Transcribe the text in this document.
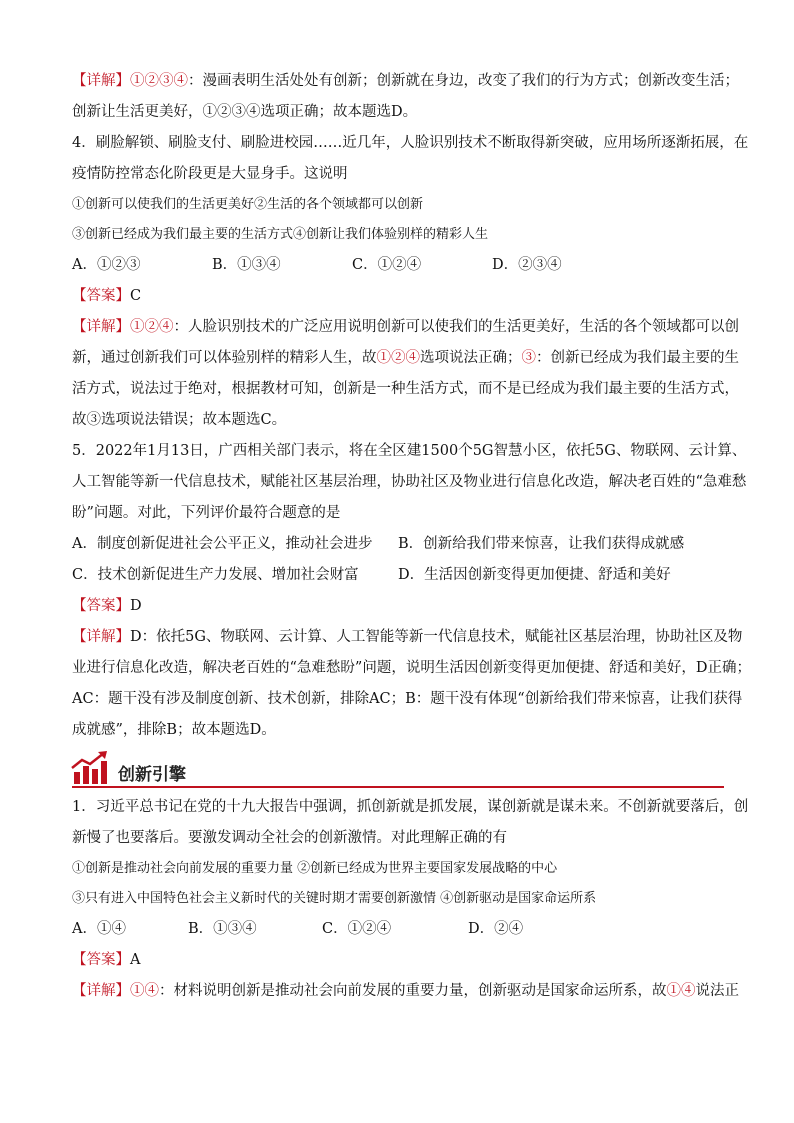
【详解】①②③④：漫画表明生活处处有创新；创新就在身边，改变了我们的行为方式；创新改变生活；
创新让生活更美好，①②③④选项正确；故本题选D。
4．刷脸解锁、刷脸支付、刷脸进校园……近几年，人脸识别技术不断取得新突破，应用场所逐渐拓展，在
疫情防控常态化阶段更是大显身手。这说明
①创新可以使我们的生活更美好②生活的各个领域都可以创新
③创新已经成为我们最主要的生活方式④创新让我们体验别样的精彩人生
A．①②③	B．①③④	C．①②④	D．②③④
【答案】C
【详解】①②④：人脸识别技术的广泛应用说明创新可以使我们的生活更美好，生活的各个领域都可以创
新，通过创新我们可以体验别样的精彩人生，故①②④选项说法正确；③：创新已经成为我们最主要的生
活方式，说法过于绝对，根据教材可知，创新是一种生活方式，而不是已经成为我们最主要的生活方式，
故③选项说法错误；故本题选C。
5．2022年1月13日，广西相关部门表示，将在全区建1500个5G智慧小区，依托5G、物联网、云计算、
人工智能等新一代信息技术，赋能社区基层治理，协助社区及物业进行信息化改造，解决老百姓的“急难愁
盼”问题。对此，下列评价最符合题意的是
A．制度创新促进社会公平正义，推动社会进步	B．创新给我们带来惊喜，让我们获得成就感
C．技术创新促进生产力发展、增加社会财富	D．生活因创新变得更加便捷、舒适和美好
【答案】D
【详解】D：依托5G、物联网、云计算、人工智能等新一代信息技术，赋能社区基层治理，协助社区及物
业进行信息化改造，解决老百姓的“急难愁盼”问题，说明生活因创新变得更加便捷、舒适和美好，D正确；
AC：题干没有涉及制度创新、技术创新，排除AC；B：题干没有体现“创新给我们带来惊喜，让我们获得
成就感”，排除B；故本题选D。
创新引擎
1．习近平总书记在党的十九大报告中强调，抓创新就是抓发展，谋创新就是谋未来。不创新就要落后，创
新慢了也要落后。要激发调动全社会的创新激情。对此理解正确的有
①创新是推动社会向前发展的重要力量 ②创新已经成为世界主要国家发展战略的中心
③只有进入中国特色社会主义新时代的关键时期才需要创新激情 ④创新驱动是国家命运所系
A．①④	B．①③④	C．①②④	D．②④
【答案】A
【详解】①④：材料说明创新是推动社会向前发展的重要力量，创新驱动是国家命运所系，故①④说法正
